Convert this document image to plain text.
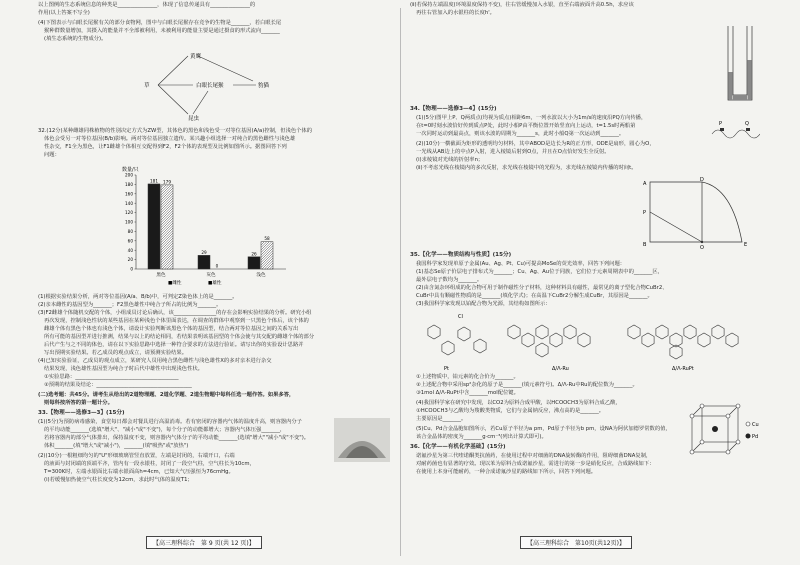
以上图例的生态系统信息的种类是_______________，体现了信息传递具有_______________的
作用(以上答案不写全)
(4)下图表示与白眼长尾猴有关的部分食物网，图中与白眼长尾猴存在竞争的生物是_______，若白眼长尾
猴种群数量增加，其摄入的能量并不全部被利用，未被利用的能量主要是通过摄食的形式流向_______
(填生态系统的生物成分)。
草
黄鹰
白眼长尾猴	豹猫
昆虫
32.(12分)某种雌雄同株植物的性别决定方式为ZW型，其体色的黑色和浅色受一对等位基因(A/a)控制，但浅色个体的
体色会受另一对等位基因(B/b)影响。两对等位基因独立遗传。某兴趣小组选择一对纯合的黑色雌性与浅色雄
性杂交，F1全为黑色，让F1雌雄个体相互交配得到F2，F2个体的表现型及比例如图所示。据图回答下列
问题：
数量/只
200
180
160
140
120
100
80
60
40
20
0
黑色	灰色	浅色
181 179
29
0
26
58
■雌性	■雄性
(1)根据实验结果分析，两对等位基因(A/a、B/b)中，可判定Z染色体上的是_______。
(2)亲本雌性的基因型为_______；F2黑色雄性中纯合子所占的比例为_______。
(3)F2雌雄个体随机交配的个体，小组成员讨论后确认，该________________的存在会影响实验结果的分析。研究小组
再次发现，控制浅色性状的某些基因在某种浅色个体里面表达，在调查的群体中观察到一只黑色个体后，该个体的
雌雄个体有黑色个体也有浅色个体，请设计实验判断该黑色个体的基因型，结合两对等位基因之间的关系写出
所有可能的基因型并进行推测，结果与以上的结论相同，若结果表明该基因型的个体会使与其交配的雌雄个体的部分
后代产生与之不同的体色，请在以下实验思路中选择一种符合要求的方法进行验证。请写出你的实验设计思路并
写出预期实验结果。若乙成员的观点成立，请预测实验结果。
(4)已知实验验证，乙成员的观点成立，某研究人员用纯合黑色雌性与浅色雄性X的多对亲本进行杂交
结果发现，浅色雄性基因型为纯合子时后代中雄性中出现浅色性状。
①实验思路：_______________________________________
②预期的结果及结论：____________________________________
(二)选考题：共45分。请考生从给出的2道物理题、2道化学题、2道生物题中每科任选一题作答。如果多答，
则每科按所答的第一题计分。
33.【物理——选修3—3】(15分)
(1)(5分)为预防病毒感染，食堂每日都会对餐具进行高温消毒。若有密闭的容器内气体的温度升高，则容器内分子
的平均动能_______(选填"增大"、"减小"或"不变")，每个分子的动能都增大；容器内气体压强_______，
若将容器内的部分气体排出，保持温度不变，则容器内气体分子的平均动能_______(选填"增大""减小"或"不变")。
体积_______(填"增大"或"减小")，_______(填"吸热"或"放热")
(2)(10分)一根粗细均匀的"U"形细玻璃管竖直放置，左端是封闭的，右端开口，右端
的液面与封闭端的顶端平齐，管内有一段水银柱，封闭了一段空气柱，空气柱长为10cm，
T=300K时，左端水银面比右端水银面高h=4cm，已知大气压强恒为76cmHg。
(ⅰ)若缓慢加热使空气柱长度变为12cm，求此时气体的温度T1；
【高三理科综合　第 9 页(共 12 页)】
(ⅱ)若保持左端温度(环境温度保持不变)，往右管缓慢加入水银，直至右端液面升高0.5h，求应该
再往右管加入的水银柱的长度h'。
34.【物理——选修3—4】(15分)
(1)(5分)图甲上P、Q两质点(均视为质点)相距6m，一列水波以大小为1m/s的速度沿PQ方向传播，
在t=0时刻水波恰好传到质点P处，此时小船P由平衡位置开始竖直向上运动，t=1.5s时两船第
一次同时运动到最高点，则该水波的周期为_______s，此时小船Q第一次运动到_______。
(2)(10分)一横截面为矩形的透明均匀材料，其中ABOD是边长为R的正方形，ODE是扇形，圆心为O，
一光线从AB边上的中点P入射，进入棱镜后射到O点，并且在O点恰好发生全反射。
(ⅰ)求棱镜对光线的折射率n；
(ⅱ)不考虑光线在棱镜内的多次反射，求光线在棱镜中的光程为，求光线在棱镜内传播的时间t。
P	Q
A
B
P
O
D
E
35.【化学——物质结构与性质】(15分)
我国科学家发现单原子金属(Au、Ag、Pt、Cu)可提高MoSe的荧光效率，回答下列问题：
(1)基态Se原子价层电子排布式为_______；Cu、Ag、Au位于同族，它们位于元素周期表中的_______区，
最外层电子数均为_______。
(2)由含氮杂环组成的化合物可用于制作磁性分子材料，这种材料具有磁性，最常见的离子型化合物CuBr2、
CuBr中具有顺磁性物质的是_______(填化学式)；在高温下CuBr2分解生成CuBr，其原因是_______。
(3)我国科学家发现以铂配合物为光源，其结构如图所示：
Cl
Pt	Δ/Λ-Ru	Δ/Λ-RuPt
①上述物质中，铂元素的化合价为_______。
②上述配合物中采用sp²杂化的原子是_______(填元素符号)。Δ/Λ-Ru中Ru的配位数为_______。
③1mol Δ/Λ-RuPt中含_______mol配位键。
(4)我国科学家在研究中发现，以CO2为原料合成甲酸，以HCOOCH3为原料合成乙酸，
①HCOOCH3与乙酸均为羧酸类物质，它们与金属钠反应，沸点高的是_______。
主要原因是_______。
(5)Cu、Pd合金晶胞如图所示，若Cu原子半径为a pm，Pd原子半径为b pm，设NA为阿伏加德罗常数的值，
该合金晶体的密度为_______g·cm⁻³(列出计算式即可)。
Cu
Pd
36.【化学——有机化学基础】(15分)
诺氟沙星为第三代喹诺酮类抗菌药，在使用过程中对细菌的DNA旋转酶的作用，阻碍细菌DNA复制，
对耐药菌也有显著的疗效。现以苯为原料合成诺氟沙星，需进行的第一步是硝化反应，合成路线如下：
在使用上本身可能耐药，一种合成诺氟沙星的路线如下所示，回答下列问题。
【高三理科综合　第10页(共12页)】
